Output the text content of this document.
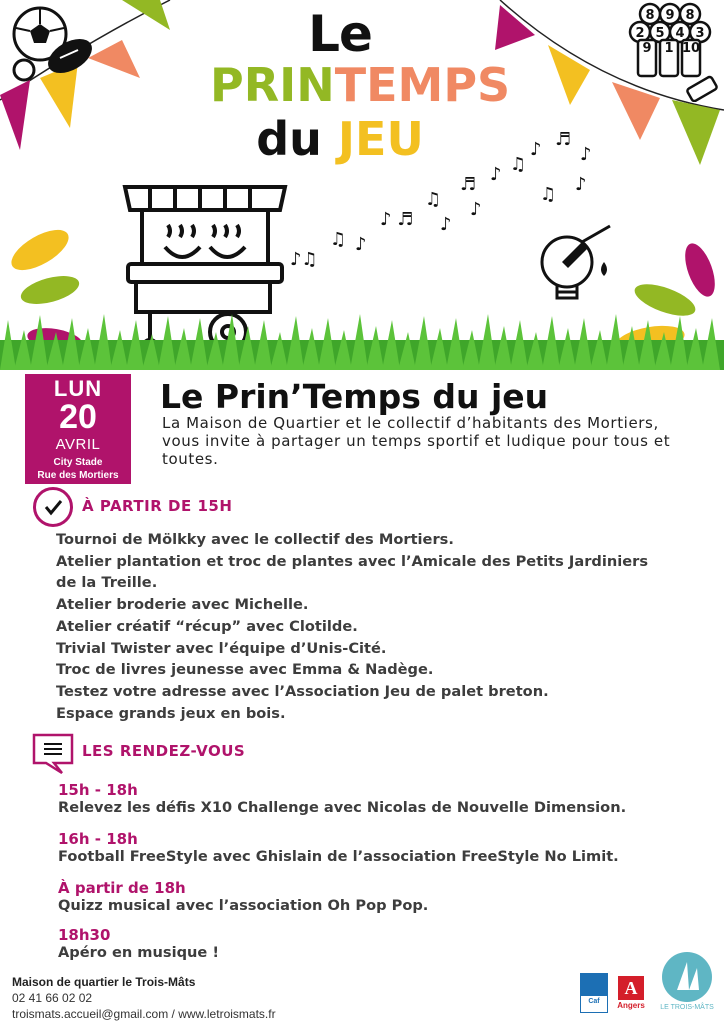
8 9 8
2 5 4 3
9 1 10
♪♫
♫ ♪
♪ ♬
♫
♪
♬ ♪ ♫
♪ ♬
♪
♫ ♪
♪
Le
PRINTEMPS
du JEU
LUN
20
AVRIL
City Stade
Rue des Mortiers
Le Prin’Temps du jeu
La Maison de Quartier et le collectif d’habitants des Mortiers, vous invite à partager un temps sportif et ludique pour tous et toutes.
À PARTIR DE 15H
Tournoi de Mölkky avec le collectif des Mortiers.
Atelier plantation et troc de plantes avec l’Amicale des Petits Jardiniers
de la Treille.
Atelier broderie avec Michelle.
Atelier créatif “récup” avec Clotilde.
Trivial Twister avec l’équipe d’Unis-Cité.
Troc de livres jeunesse avec Emma & Nadège.
Testez votre adresse avec l’Association Jeu de palet breton.
Espace grands jeux en bois.
LES RENDEZ-VOUS
15h - 18h
Relevez les défis X10 Challenge avec Nicolas de Nouvelle Dimension.
16h - 18h
Football FreeStyle avec Ghislain de l’association FreeStyle No Limit.
À partir de 18h
Quizz musical avec l’association Oh Pop Pop.
18h30
Apéro en musique !
Maison de quartier le Trois-Mâts
02 41 66 02 02
troismats.accueil@gmail.com / www.letroismats.fr
Caf
A
Angers	LE TROIS-MÂTS
